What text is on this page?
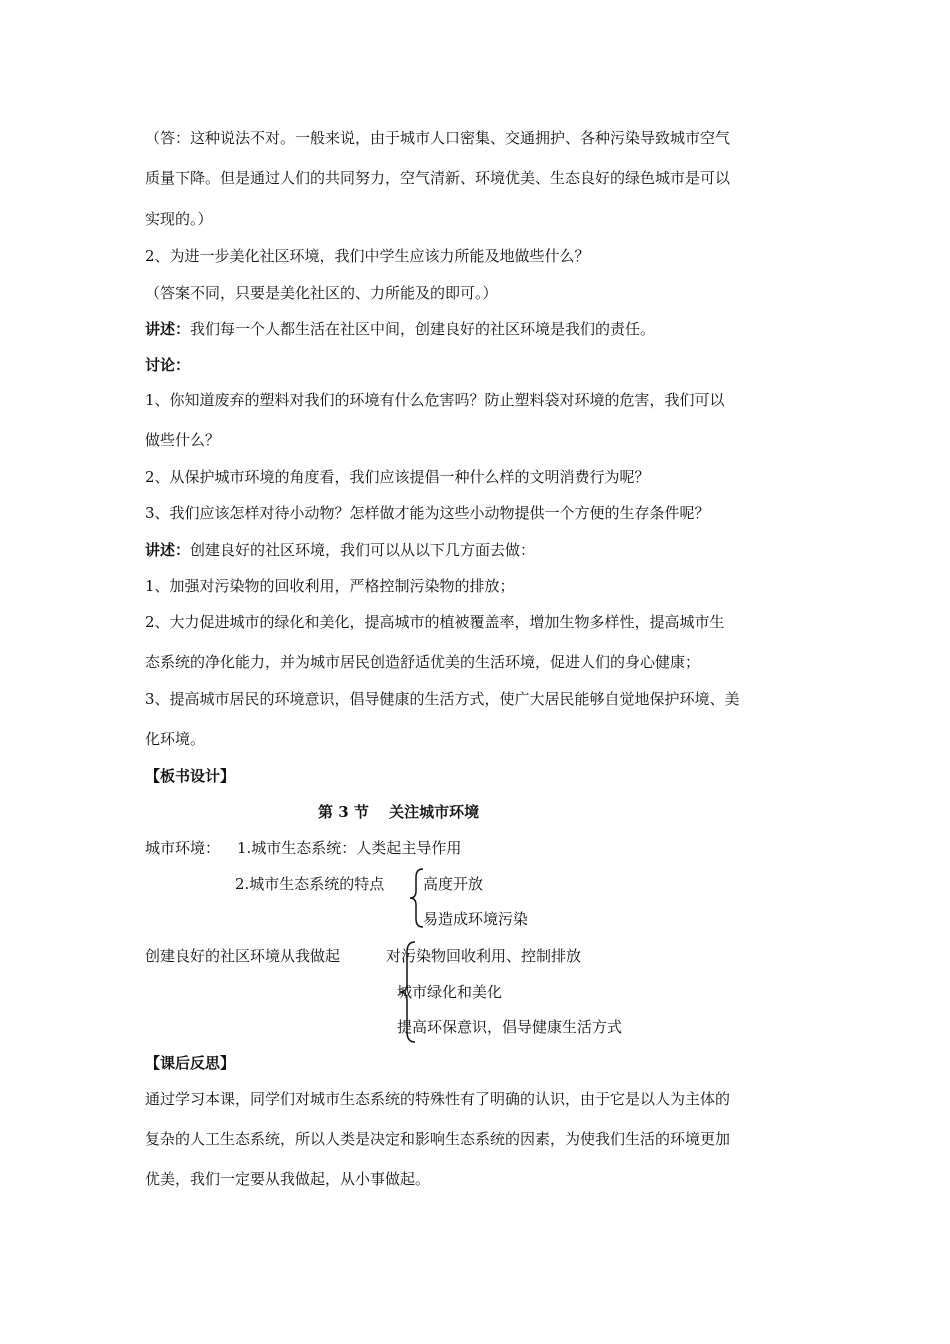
（答：这种说法不对。一般来说，由于城市人口密集、交通拥护、各种污染导致城市空气
质量下降。但是通过人们的共同努力，空气清新、环境优美、生态良好的绿色城市是可以
实现的。）
2、为进一步美化社区环境，我们中学生应该力所能及地做些什么？
（答案不同，只要是美化社区的、力所能及的即可。）
讲述：我们每一个人都生活在社区中间，创建良好的社区环境是我们的责任。
讨论：
1、你知道废弃的塑料对我们的环境有什么危害吗？防止塑料袋对环境的危害，我们可以
做些什么？
2、从保护城市环境的角度看，我们应该提倡一种什么样的文明消费行为呢？
3、我们应该怎样对待小动物？怎样做才能为这些小动物提供一个方便的生存条件呢？
讲述：创建良好的社区环境，我们可以从以下几方面去做：
1、加强对污染物的回收利用，严格控制污染物的排放；
2、大力促进城市的绿化和美化，提高城市的植被覆盖率，增加生物多样性，提高城市生
态系统的净化能力，并为城市居民创造舒适优美的生活环境，促进人们的身心健康；
3、提高城市居民的环境意识，倡导健康的生活方式，使广大居民能够自觉地保护环境、美
化环境。
【板书设计】
第 3 节　 关注城市环境
城市环境： 1.城市生态系统：人类起主导作用
2.城市生态系统的特点	高度开放
易造成环境污染
创建良好的社区环境从我做起	对污染物回收利用、控制排放
城市绿化和美化
提高环保意识，倡导健康生活方式
【课后反思】
通过学习本课，同学们对城市生态系统的特殊性有了明确的认识，由于它是以人为主体的
复杂的人工生态系统，所以人类是决定和影响生态系统的因素，为使我们生活的环境更加
优美，我们一定要从我做起，从小事做起。
